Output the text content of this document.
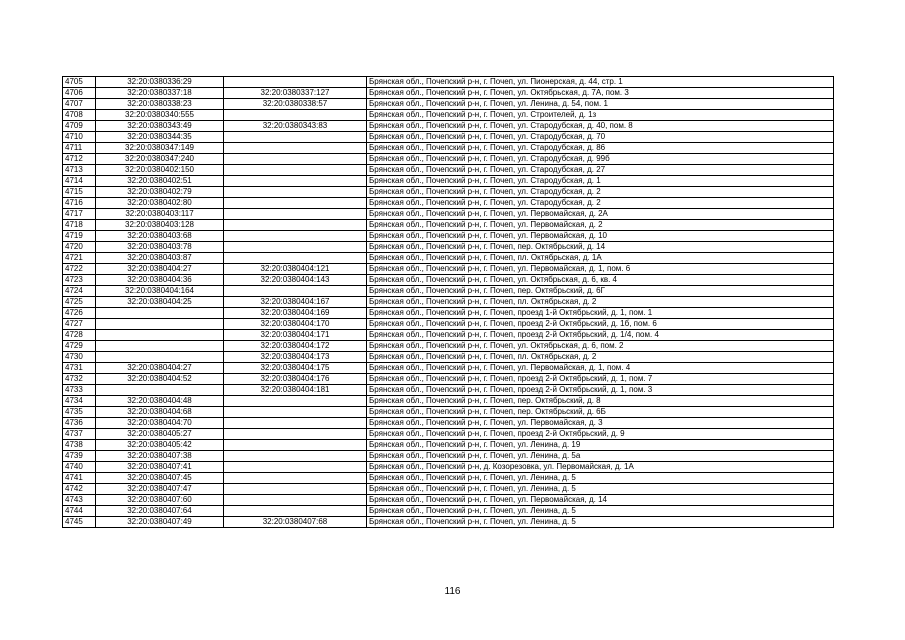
4705	32:20:0380336:29		Брянская обл., Почепский р-н, г. Почеп, ул. Пионерская, д. 44, стр. 1
4706	32:20:0380337:18	32:20:0380337:127	Брянская обл., Почепский р-н, г. Почеп, ул. Октябрьская, д. 7А, пом. 3
4707	32:20:0380338:23	32:20:0380338:57	Брянская обл., Почепский р-н, г. Почеп, ул. Ленина, д. 54, пом. 1
4708	32:20:0380340:555		Брянская обл., Почепский р-н, г. Почеп, ул. Строителей, д. 1з
4709	32:20:0380343:49	32:20:0380343:83	Брянская обл., Почепский р-н, г. Почеп, ул. Стародубская, д. 40, пом. 8
4710	32:20:0380344:35		Брянская обл., Почепский р-н, г. Почеп, ул. Стародубская, д. 70
4711	32:20:0380347:149		Брянская обл., Почепский р-н, г. Почеп, ул. Стародубская, д. 86
4712	32:20:0380347:240		Брянская обл., Почепский р-н, г. Почеп, ул. Стародубская, д. 99б
4713	32:20:0380402:150		Брянская обл., Почепский р-н, г. Почеп, ул. Стародубская, д. 27
4714	32:20:0380402:51		Брянская обл., Почепский р-н, г. Почеп, ул. Стародубская, д. 1
4715	32:20:0380402:79		Брянская обл., Почепский р-н, г. Почеп, ул. Стародубская, д. 2
4716	32:20:0380402:80		Брянская обл., Почепский р-н, г. Почеп, ул. Стародубская, д. 2
4717	32:20:0380403:117		Брянская обл., Почепский р-н, г. Почеп, ул. Первомайская, д. 2А
4718	32:20:0380403:128		Брянская обл., Почепский р-н, г. Почеп, ул. Первомайская, д. 2
4719	32:20:0380403:68		Брянская обл., Почепский р-н, г. Почеп, ул. Первомайская, д. 10
4720	32:20:0380403:78		Брянская обл., Почепский р-н, г. Почеп, пер. Октябрьский, д. 14
4721	32:20:0380403:87		Брянская обл., Почепский р-н, г. Почеп, пл. Октябрьская, д. 1А
4722	32:20:0380404:27	32:20:0380404:121	Брянская обл., Почепский р-н, г. Почеп, ул. Первомайская, д. 1, пом. 6
4723	32:20:0380404:36	32:20:0380404:143	Брянская обл., Почепский р-н, г. Почеп, ул. Октябрьская, д. 6, кв. 4
4724	32:20:0380404:164		Брянская обл., Почепский р-н, г. Почеп, пер. Октябрьский, д. 6Г
4725	32:20:0380404:25	32:20:0380404:167	Брянская обл., Почепский р-н, г. Почеп, пл. Октябрьская, д. 2
4726		32:20:0380404:169	Брянская обл., Почепский р-н, г. Почеп, проезд 1-й Октябрьский, д. 1, пом. 1
4727		32:20:0380404:170	Брянская обл., Почепский р-н, г. Почеп, проезд 2-й Октябрьский, д. 1б, пом. 6
4728		32:20:0380404:171	Брянская обл., Почепский р-н, г. Почеп, проезд 2-й Октябрьский, д. 1/4, пом. 4
4729		32:20:0380404:172	Брянская обл., Почепский р-н, г. Почеп, ул. Октябрьская, д. 6, пом. 2
4730		32:20:0380404:173	Брянская обл., Почепский р-н, г. Почеп, пл. Октябрьская, д. 2
4731	32:20:0380404:27	32:20:0380404:175	Брянская обл., Почепский р-н, г. Почеп, ул. Первомайская, д. 1, пом. 4
4732	32:20:0380404:52	32:20:0380404:176	Брянская обл., Почепский р-н, г. Почеп, проезд 2-й Октябрьский, д. 1, пом. 7
4733		32:20:0380404:181	Брянская обл., Почепский р-н, г. Почеп, проезд 2-й Октябрьский, д. 1, пом. 3
4734	32:20:0380404:48		Брянская обл., Почепский р-н, г. Почеп, пер. Октябрьский, д. 8
4735	32:20:0380404:68		Брянская обл., Почепский р-н, г. Почеп, пер. Октябрьский, д. 6Б
4736	32:20:0380404:70		Брянская обл., Почепский р-н, г. Почеп, ул. Первомайская, д. 3
4737	32:20:0380405:27		Брянская обл., Почепский р-н, г. Почеп, проезд 2-й Октябрьский, д. 9
4738	32:20:0380405:42		Брянская обл., Почепский р-н, г. Почеп, ул. Ленина, д. 19
4739	32:20:0380407:38		Брянская обл., Почепский р-н, г. Почеп, ул. Ленина, д. 5а
4740	32:20:0380407:41		Брянская обл., Почепский р-н, д. Козорезовка, ул. Первомайская, д. 1А
4741	32:20:0380407:45		Брянская обл., Почепский р-н, г. Почеп, ул. Ленина, д. 5
4742	32:20:0380407:47		Брянская обл., Почепский р-н, г. Почеп, ул. Ленина, д. 5
4743	32:20:0380407:60		Брянская обл., Почепский р-н, г. Почеп, ул. Первомайская, д. 14
4744	32:20:0380407:64		Брянская обл., Почепский р-н, г. Почеп, ул. Ленина, д. 5
4745	32:20:0380407:49	32:20:0380407:68	Брянская обл., Почепский р-н, г. Почеп, ул. Ленина, д. 5
116
